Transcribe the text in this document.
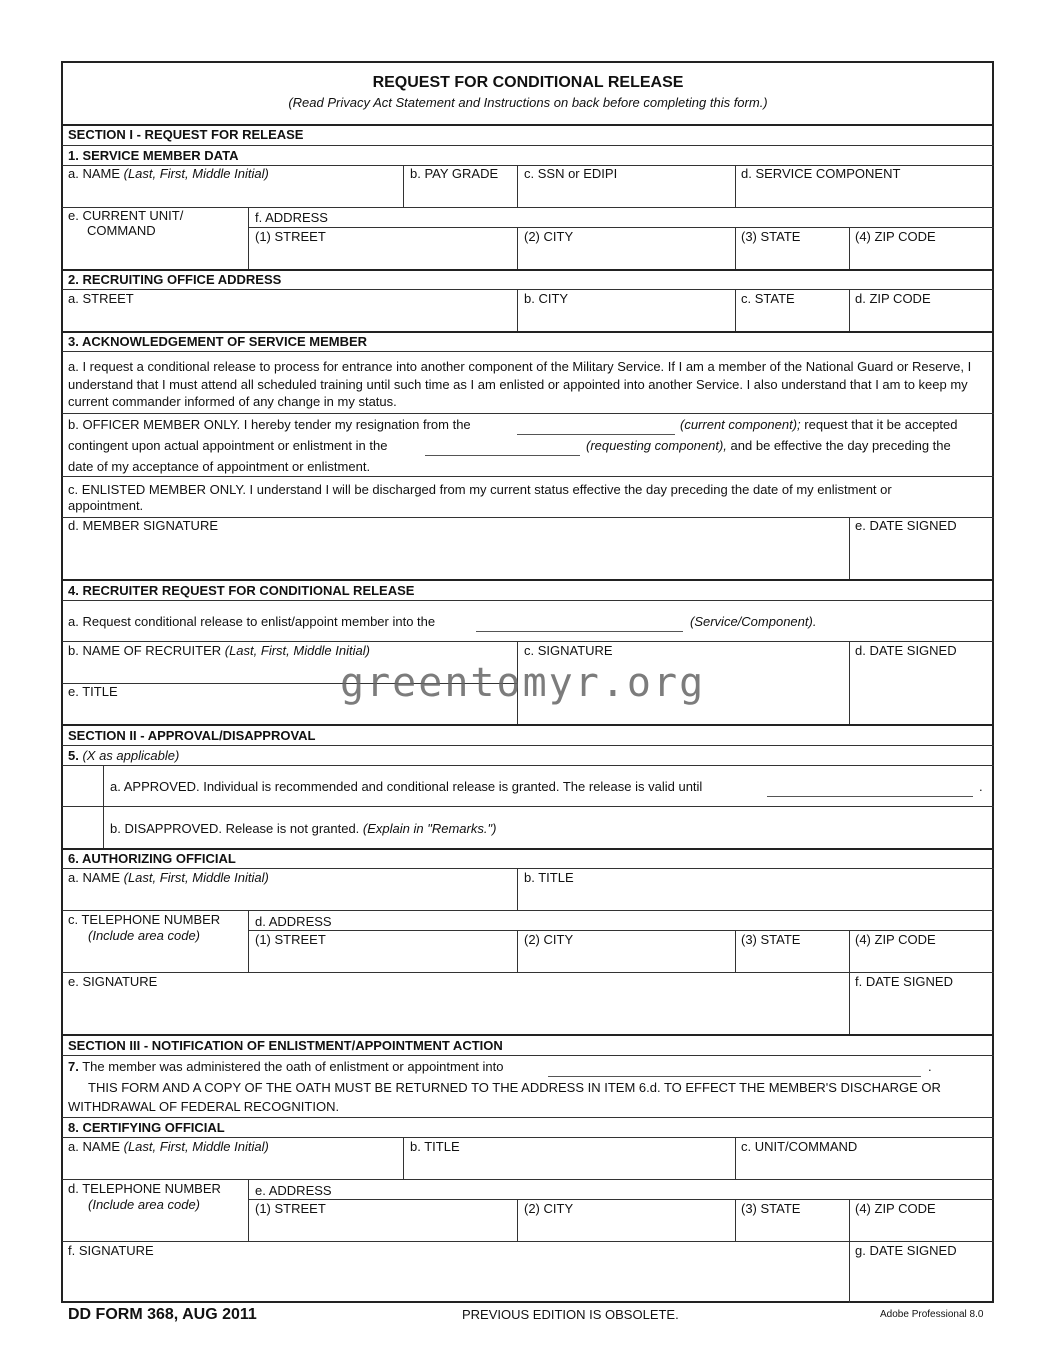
REQUEST FOR CONDITIONAL RELEASE
(Read Privacy Act Statement and Instructions on back before completing this form.)
SECTION I - REQUEST FOR RELEASE
1. SERVICE MEMBER DATA
a. NAME (Last, First, Middle Initial)	b. PAY GRADE c. SSN or EDIPI	d. SERVICE COMPONENT
e. CURRENT UNIT/
COMMAND
f. ADDRESS
(1) STREET	(2) CITY	(3) STATE	(4) ZIP CODE
2. RECRUITING OFFICE ADDRESS
a. STREET	b. CITY	c. STATE	d. ZIP CODE
3. ACKNOWLEDGEMENT OF SERVICE MEMBER
a. I request a conditional release to process for entrance into another component of the Military Service. If I am a member of the National Guard or Reserve, I understand that I must attend all scheduled training until such time as I am enlisted or appointed into another Service. I also understand that I am to keep my current commander informed of any change in my status.
b. OFFICER MEMBER ONLY. I hereby tender my resignation from the	(current component); request that it be accepted
contingent upon actual appointment or enlistment in the	(requesting component), and be effective the day preceding the
date of my acceptance of appointment or enlistment.
c. ENLISTED MEMBER ONLY. I understand I will be discharged from my current status effective the day preceding the date of my enlistment or appointment.
d. MEMBER SIGNATURE	e. DATE SIGNED
4. RECRUITER REQUEST FOR CONDITIONAL RELEASE
a. Request conditional release to enlist/appoint member into the	(Service/Component).
b. NAME OF RECRUITER (Last, First, Middle Initial)	c. SIGNATURE	d. DATE SIGNED
e. TITLE	greentomyr.org
SECTION II - APPROVAL/DISAPPROVAL
5. (X as applicable)
a. APPROVED. Individual is recommended and conditional release is granted. The release is valid until	.
b. DISAPPROVED. Release is not granted. (Explain in "Remarks.")
6. AUTHORIZING OFFICIAL
a. NAME (Last, First, Middle Initial)	b. TITLE
c. TELEPHONE NUMBER
(Include area code)
d. ADDRESS
(1) STREET	(2) CITY	(3) STATE	(4) ZIP CODE
e. SIGNATURE	f. DATE SIGNED
SECTION III - NOTIFICATION OF ENLISTMENT/APPOINTMENT ACTION
7. The member was administered the oath of enlistment or appointment into	.
THIS FORM AND A COPY OF THE OATH MUST BE RETURNED TO THE ADDRESS IN ITEM 6.d. TO EFFECT THE MEMBER'S DISCHARGE OR WITHDRAWAL OF FEDERAL RECOGNITION.
8. CERTIFYING OFFICIAL
a. NAME (Last, First, Middle Initial)	b. TITLE	c. UNIT/COMMAND
d. TELEPHONE NUMBER
(Include area code)
e. ADDRESS
(1) STREET	(2) CITY	(3) STATE	(4) ZIP CODE
f. SIGNATURE	g. DATE SIGNED
DD FORM 368, AUG 2011	PREVIOUS EDITION IS OBSOLETE.	Adobe Professional 8.0
